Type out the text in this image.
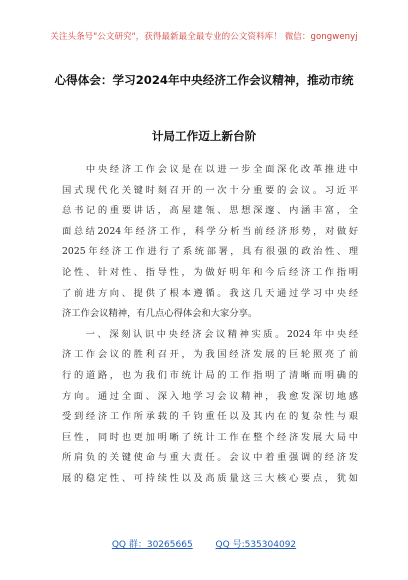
关注头条号"公文研究"，获得最新最全最专业的公文资料库！ 微信：gongwenyj
心得体会：学习2024年中央经济工作会议精神，推动市统
计局工作迈上新台阶
　　中央经济工作会议是在以进一步全面深化改革推进中
国式现代化关键时刻召开的一次十分重要的会议。习近平
总书记的重要讲话，高屋建瓴、思想深邃、内涵丰富，全
面总结2024年经济工作，科学分析当前经济形势，对做好
2025年经济工作进行了系统部署，具有很强的政治性、理
论性、针对性、指导性，为做好明年和今后经济工作指明
了前进方向、提供了根本遵循。我这几天通过学习中央经
济工作会议精神，有几点心得体会和大家分享。
　　一、深刻认识中央经济会议精神实质。2024年中央经
济工作会议的胜利召开，为我国经济发展的巨轮照亮了前
行的道路，也为我们市统计局的工作指明了清晰而明确的
方向。通过全面、深入地学习会议精神，我愈发深切地感
受到经济工作所承载的千钧重任以及其内在的复杂性与艰
巨性，同时也更加明晰了统计工作在整个经济发展大局中
所肩负的关键使命与重大责任。会议中着重强调的经济发
展的稳定性、可持续性以及高质量这三大核心要点，犹如
QQ 群：30265665	QQ 号:535304092
